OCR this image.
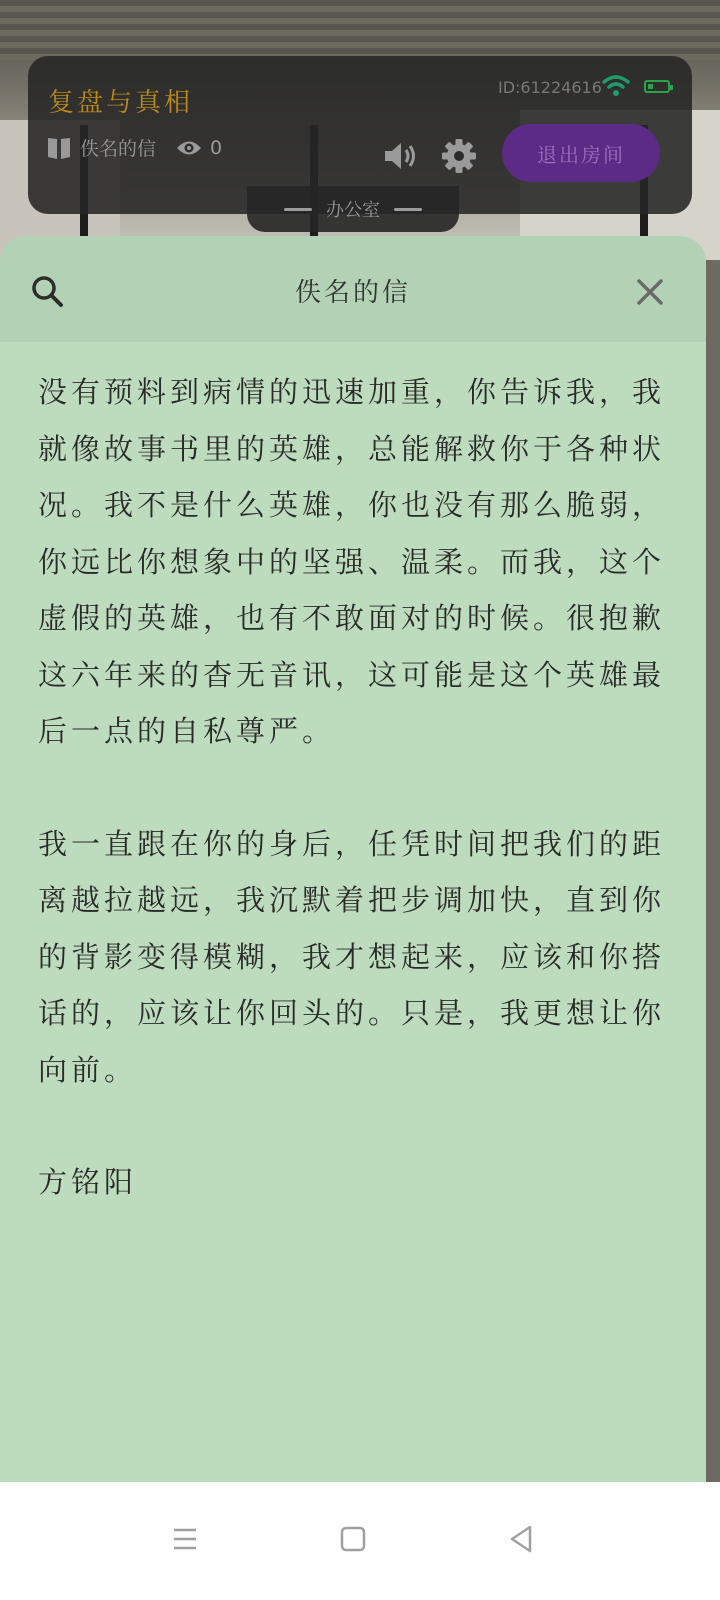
复盘与真相
ID:61224616
佚名的信	0	退出房间
办公室
佚名的信

没有预料到病情的迅速加重，你告诉我，我就像故事书里的英雄，总能解救你于各种状况。我不是什么英雄，你也没有那么脆弱，你远比你想象中的坚强、温柔。而我，这个虚假的英雄，也有不敢面对的时候。很抱歉这六年来的杳无音讯，这可能是这个英雄最后一点的自私尊严。

我一直跟在你的身后，任凭时间把我们的距离越拉越远，我沉默着把步调加快，直到你的背影变得模糊，我才想起来，应该和你搭话的，应该让你回头的。只是，我更想让你向前。

方铭阳
